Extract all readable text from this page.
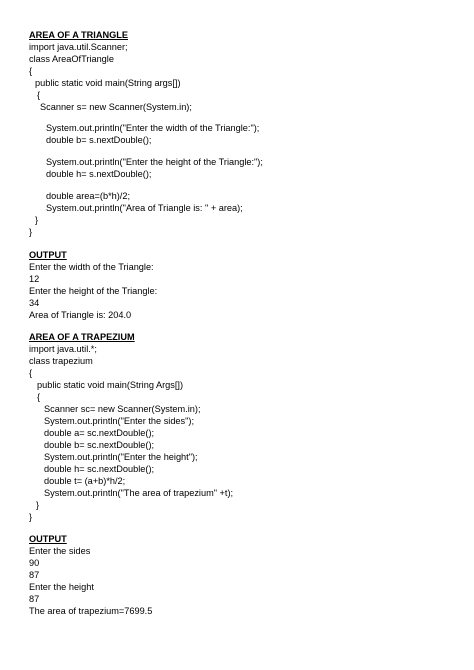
AREA OF A TRIANGLE
import java.util.Scanner;
class AreaOfTriangle
{
public static void main(String args[])
{
Scanner s= new Scanner(System.in);
System.out.println("Enter the width of the Triangle:");
double b= s.nextDouble();
System.out.println("Enter the height of the Triangle:");
double h= s.nextDouble();
double area=(b*h)/2;
System.out.println("Area of Triangle is: " + area);
}
}
OUTPUT
Enter the width of the Triangle:
12
Enter the height of the Triangle:
34
Area of Triangle is: 204.0
AREA OF A TRAPEZIUM
import java.util.*;
class trapezium
{
public static void main(String Args[])
{
Scanner sc= new Scanner(System.in);
System.out.println("Enter the sides");
double a= sc.nextDouble();
double b= sc.nextDouble();
System.out.println("Enter the height");
double h= sc.nextDouble();
double t= (a+b)*h/2;
System.out.println("The area of trapezium" +t);
}
}
OUTPUT
Enter the sides
90
87
Enter the height
87
The area of trapezium=7699.5
